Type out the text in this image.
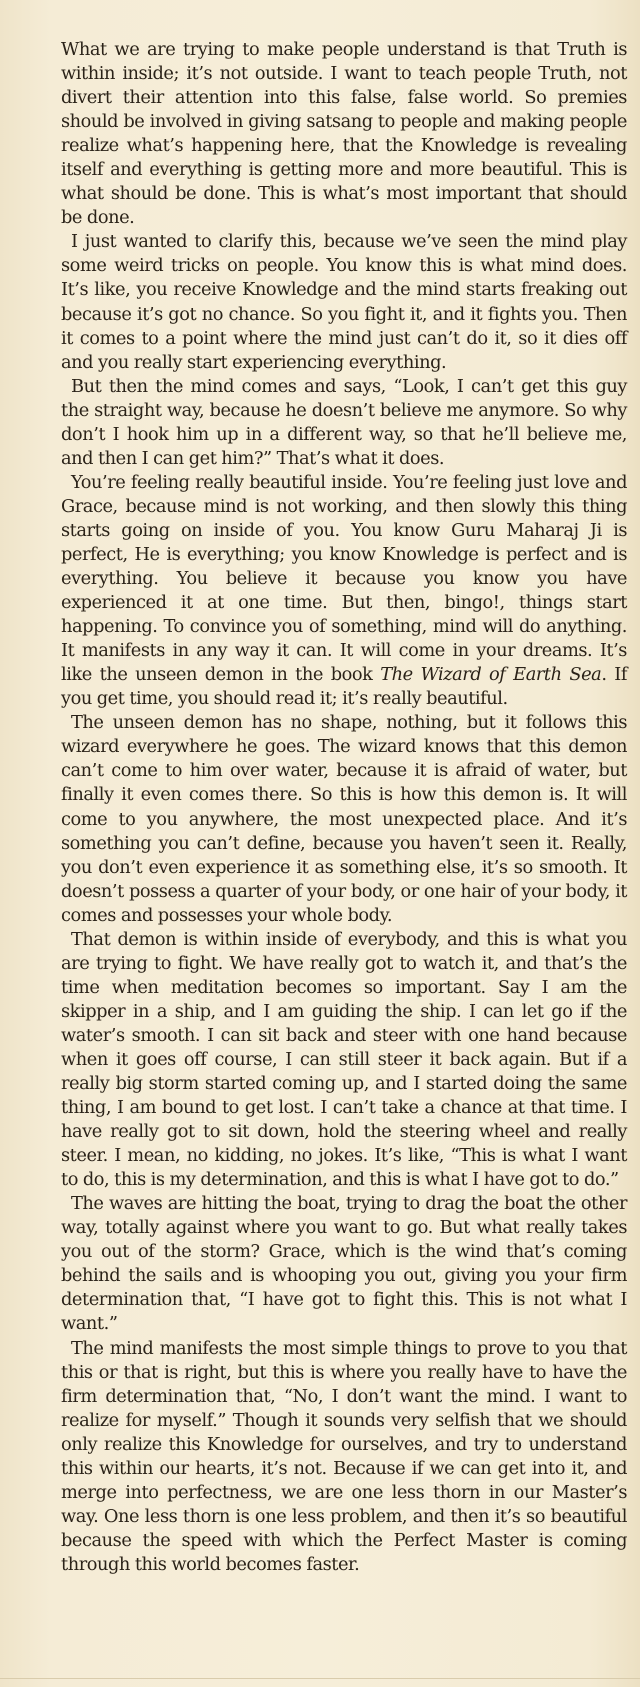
What we are trying to make people understand is that Truth is within inside; it’s not outside. I want to teach people Truth, not divert their attention into this false, false world. So premies should be involved in giving satsang to people and making people realize what’s happening here, that the Knowledge is revealing itself and everything is getting more and more beautiful. This is what should be done. This is what’s most important that should be done.

I just wanted to clarify this, because we’ve seen the mind play some weird tricks on people. You know this is what mind does. It’s like, you receive Knowledge and the mind starts freaking out because it’s got no chance. So you fight it, and it fights you. Then it comes to a point where the mind just can’t do it, so it dies off and you really start experiencing everything.

But then the mind comes and says, “Look, I can’t get this guy the straight way, because he doesn’t believe me anymore. So why don’t I hook him up in a different way, so that he’ll believe me, and then I can get him?” That’s what it does.

You’re feeling really beautiful inside. You’re feeling just love and Grace, because mind is not working, and then slowly this thing starts going on inside of you. You know Guru Maharaj Ji is perfect, He is everything; you know Knowledge is perfect and is everything. You believe it because you know you have experienced it at one time. But then, bingo!, things start happening. To convince you of something, mind will do anything. It manifests in any way it can. It will come in your dreams. It’s like the unseen demon in the book The Wizard of Earth Sea. If you get time, you should read it; it’s really beautiful.

The unseen demon has no shape, nothing, but it follows this wizard everywhere he goes. The wizard knows that this demon can’t come to him over water, because it is afraid of water, but finally it even comes there. So this is how this demon is. It will come to you anywhere, the most unexpected place. And it’s something you can’t define, because you haven’t seen it. Really, you don’t even experience it as something else, it’s so smooth. It doesn’t possess a quarter of your body, or one hair of your body, it comes and possesses your whole body.

That demon is within inside of everybody, and this is what you are trying to fight. We have really got to watch it, and that’s the time when meditation becomes so important. Say I am the skipper in a ship, and I am guiding the ship. I can let go if the water’s smooth. I can sit back and steer with one hand because when it goes off course, I can still steer it back again. But if a really big storm started coming up, and I started doing the same thing, I am bound to get lost. I can’t take a chance at that time. I have really got to sit down, hold the steering wheel and really steer. I mean, no kidding, no jokes. It’s like, “This is what I want to do, this is my determination, and this is what I have got to do.”

The waves are hitting the boat, trying to drag the boat the other way, totally against where you want to go. But what really takes you out of the storm? Grace, which is the wind that’s coming behind the sails and is whooping you out, giving you your firm determination that, “I have got to fight this. This is not what I want.”

The mind manifests the most simple things to prove to you that this or that is right, but this is where you really have to have the firm determination that, “No, I don’t want the mind. I want to realize for myself.” Though it sounds very selfish that we should only realize this Knowledge for ourselves, and try to understand this within our hearts, it’s not. Because if we can get into it, and merge into perfectness, we are one less thorn in our Master’s way. One less thorn is one less problem, and then it’s so beautiful because the speed with which the Perfect Master is coming through this world becomes faster.
